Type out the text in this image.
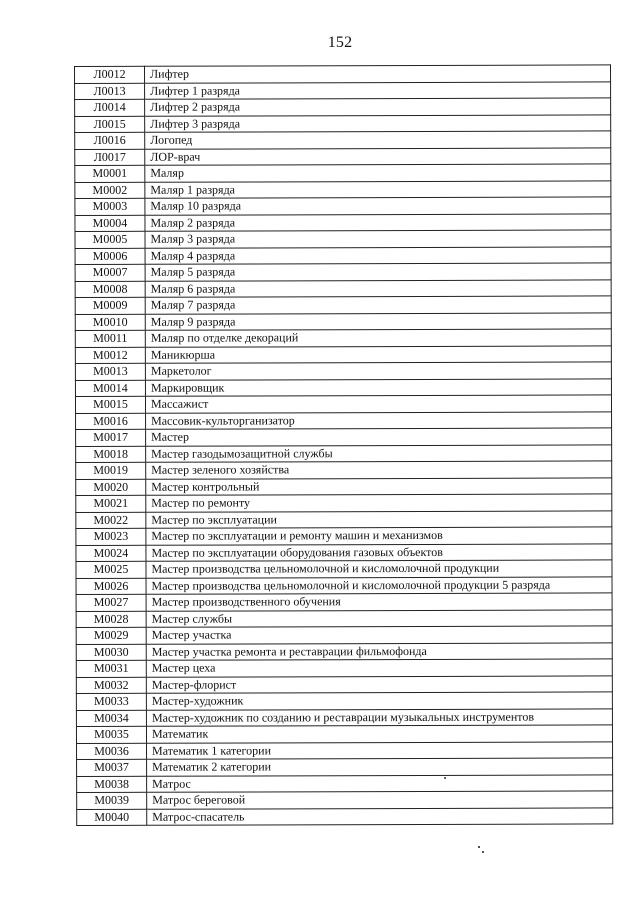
152
Л0012	Лифтер
Л0013	Лифтер 1 разряда
Л0014	Лифтер 2 разряда
Л0015	Лифтер 3 разряда
Л0016	Логопед
Л0017	ЛОР-врач
М0001	Маляр
М0002	Маляр 1 разряда
М0003	Маляр 10 разряда
М0004	Маляр 2 разряда
М0005	Маляр 3 разряда
М0006	Маляр 4 разряда
М0007	Маляр 5 разряда
М0008	Маляр 6 разряда
М0009	Маляр 7 разряда
М0010	Маляр 9 разряда
М0011	Маляр по отделке декораций
М0012	Маникюрша
М0013	Маркетолог
М0014	Маркировщик
М0015	Массажист
М0016	Массовик-культорганизатор
М0017	Мастер
М0018	Мастер газодымозащитной службы
М0019	Мастер зеленого хозяйства
М0020	Мастер контрольный
М0021	Мастер по ремонту
М0022	Мастер по эксплуатации
М0023	Мастер по эксплуатации и ремонту машин и механизмов
М0024	Мастер по эксплуатации оборудования газовых объектов
М0025	Мастер производства цельномолочной и кисломолочной продукции
М0026	Мастер производства цельномолочной и кисломолочной продукции 5 разряда
М0027	Мастер производственного обучения
М0028	Мастер службы
М0029	Мастер участка
М0030	Мастер участка ремонта и реставрации фильмофонда
М0031	Мастер цеха
М0032	Мастер-флорист
М0033	Мастер-художник
М0034	Мастер-художник по созданию и реставрации музыкальных инструментов
М0035	Математик
М0036	Математик 1 категории
М0037	Математик 2 категории
М0038	Матрос
М0039	Матрос береговой
М0040	Матрос-спасатель
